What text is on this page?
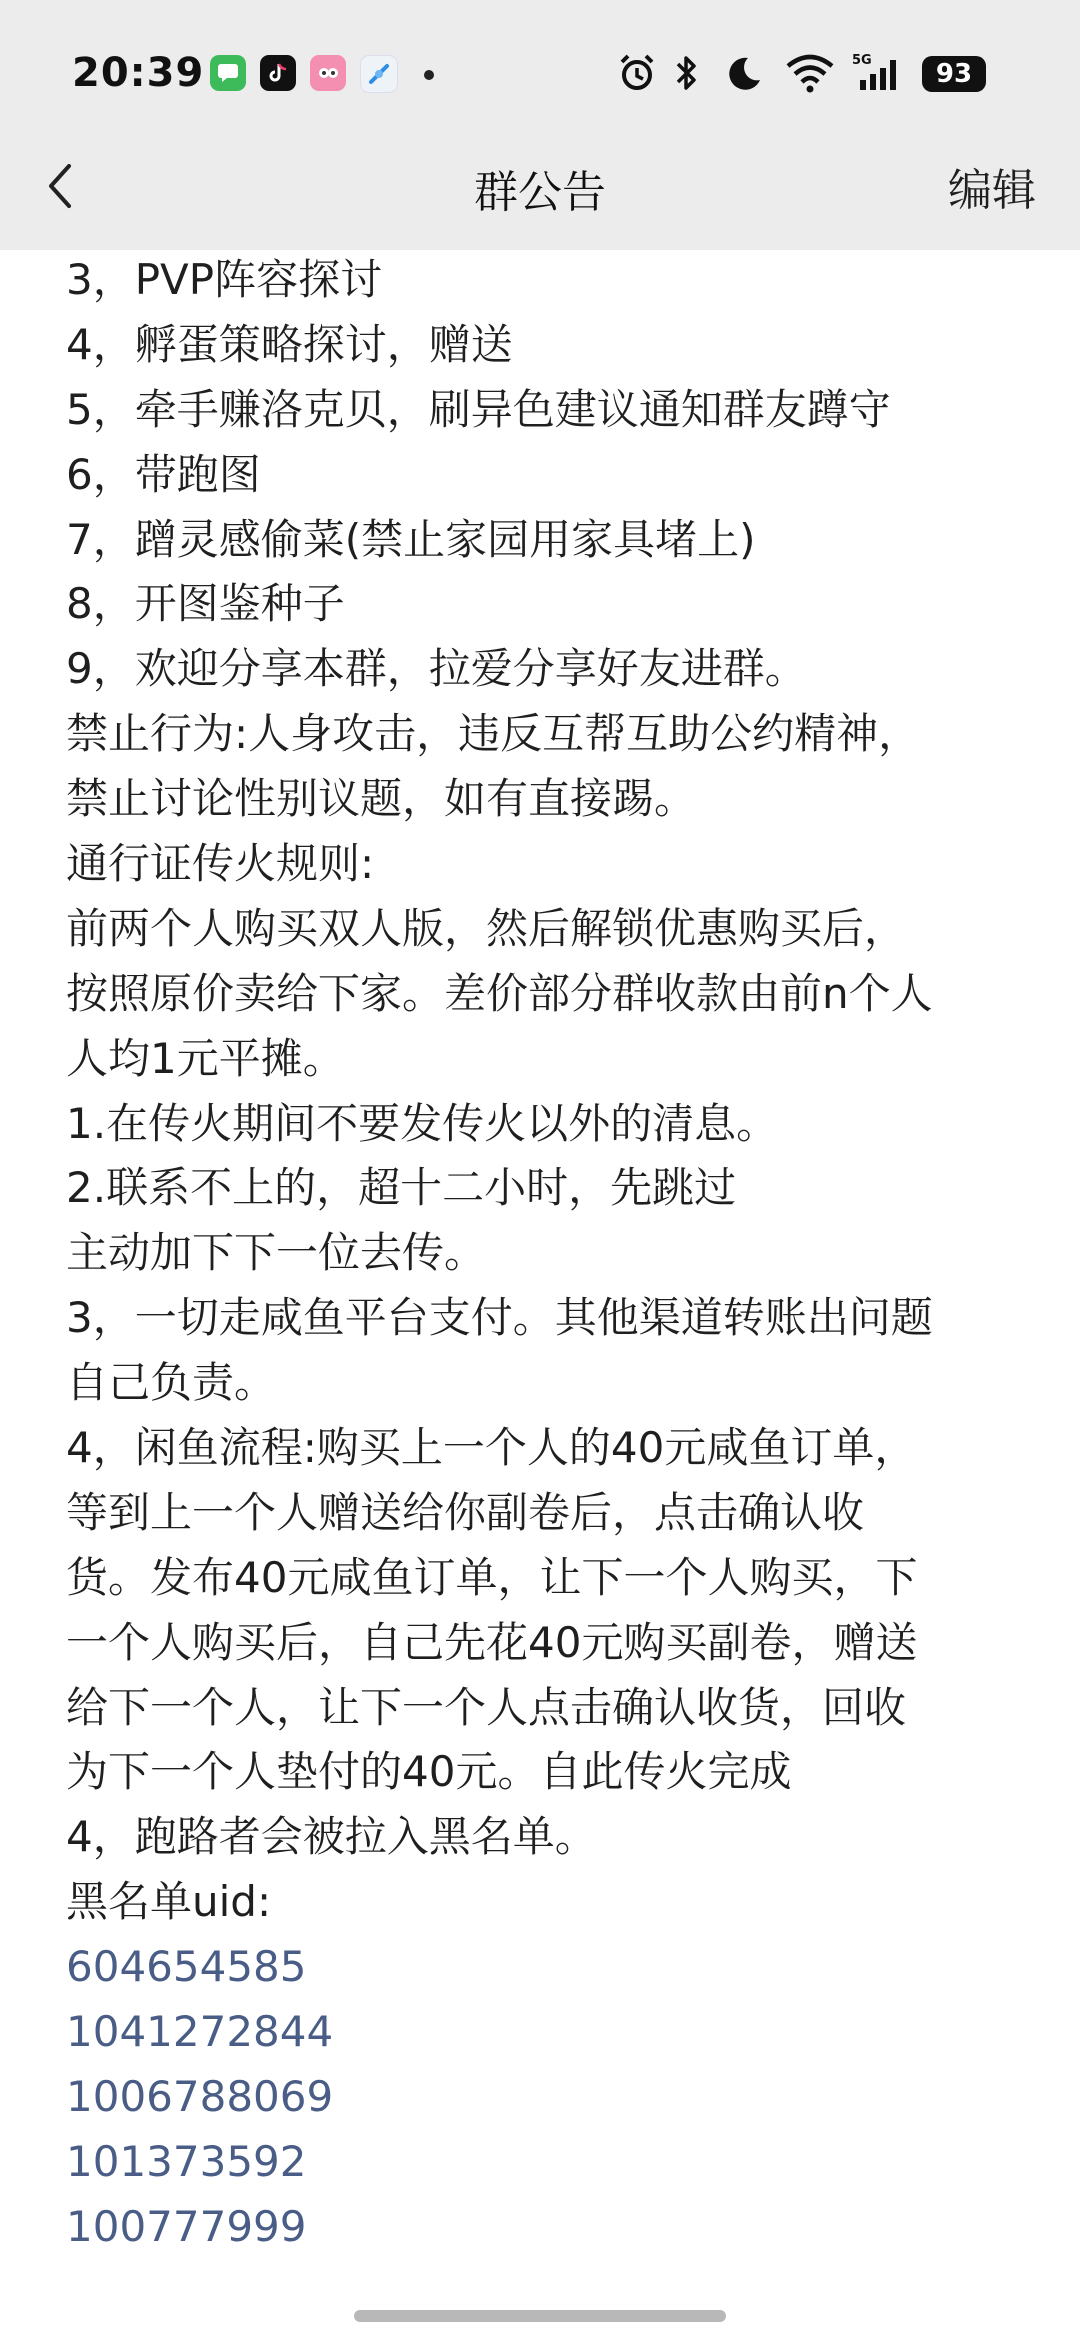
20:39	5G	93
群公告	编辑
3，PVP阵容探讨
4，孵蛋策略探讨，赠送
5，牵手赚洛克贝，刷异色建议通知群友蹲守
6，带跑图
7，蹭灵感偷菜(禁止家园用家具堵上)
8，开图鉴种子
9，欢迎分享本群，拉爱分享好友进群。
禁止行为:人身攻击，违反互帮互助公约精神，
禁止讨论性别议题，如有直接踢。
通行证传火规则:
前两个人购买双人版，然后解锁优惠购买后，
按照原价卖给下家。差价部分群收款由前n个人
人均1元平摊。
1.在传火期间不要发传火以外的清息。
2.联系不上的，超十二小时，先跳过
主动加下下一位去传。
3，一切走咸鱼平台支付。其他渠道转账出问题
自己负责。
4，闲鱼流程:购买上一个人的40元咸鱼订单，
等到上一个人赠送给你副卷后，点击确认收
货。发布40元咸鱼订单，让下一个人购买，下
一个人购买后，自己先花40元购买副卷，赠送
给下一个人，让下一个人点击确认收货，回收
为下一个人垫付的40元。自此传火完成
4，跑路者会被拉入黑名单。
黑名单uid:
604654585
1041272844
1006788069
101373592
100777999
